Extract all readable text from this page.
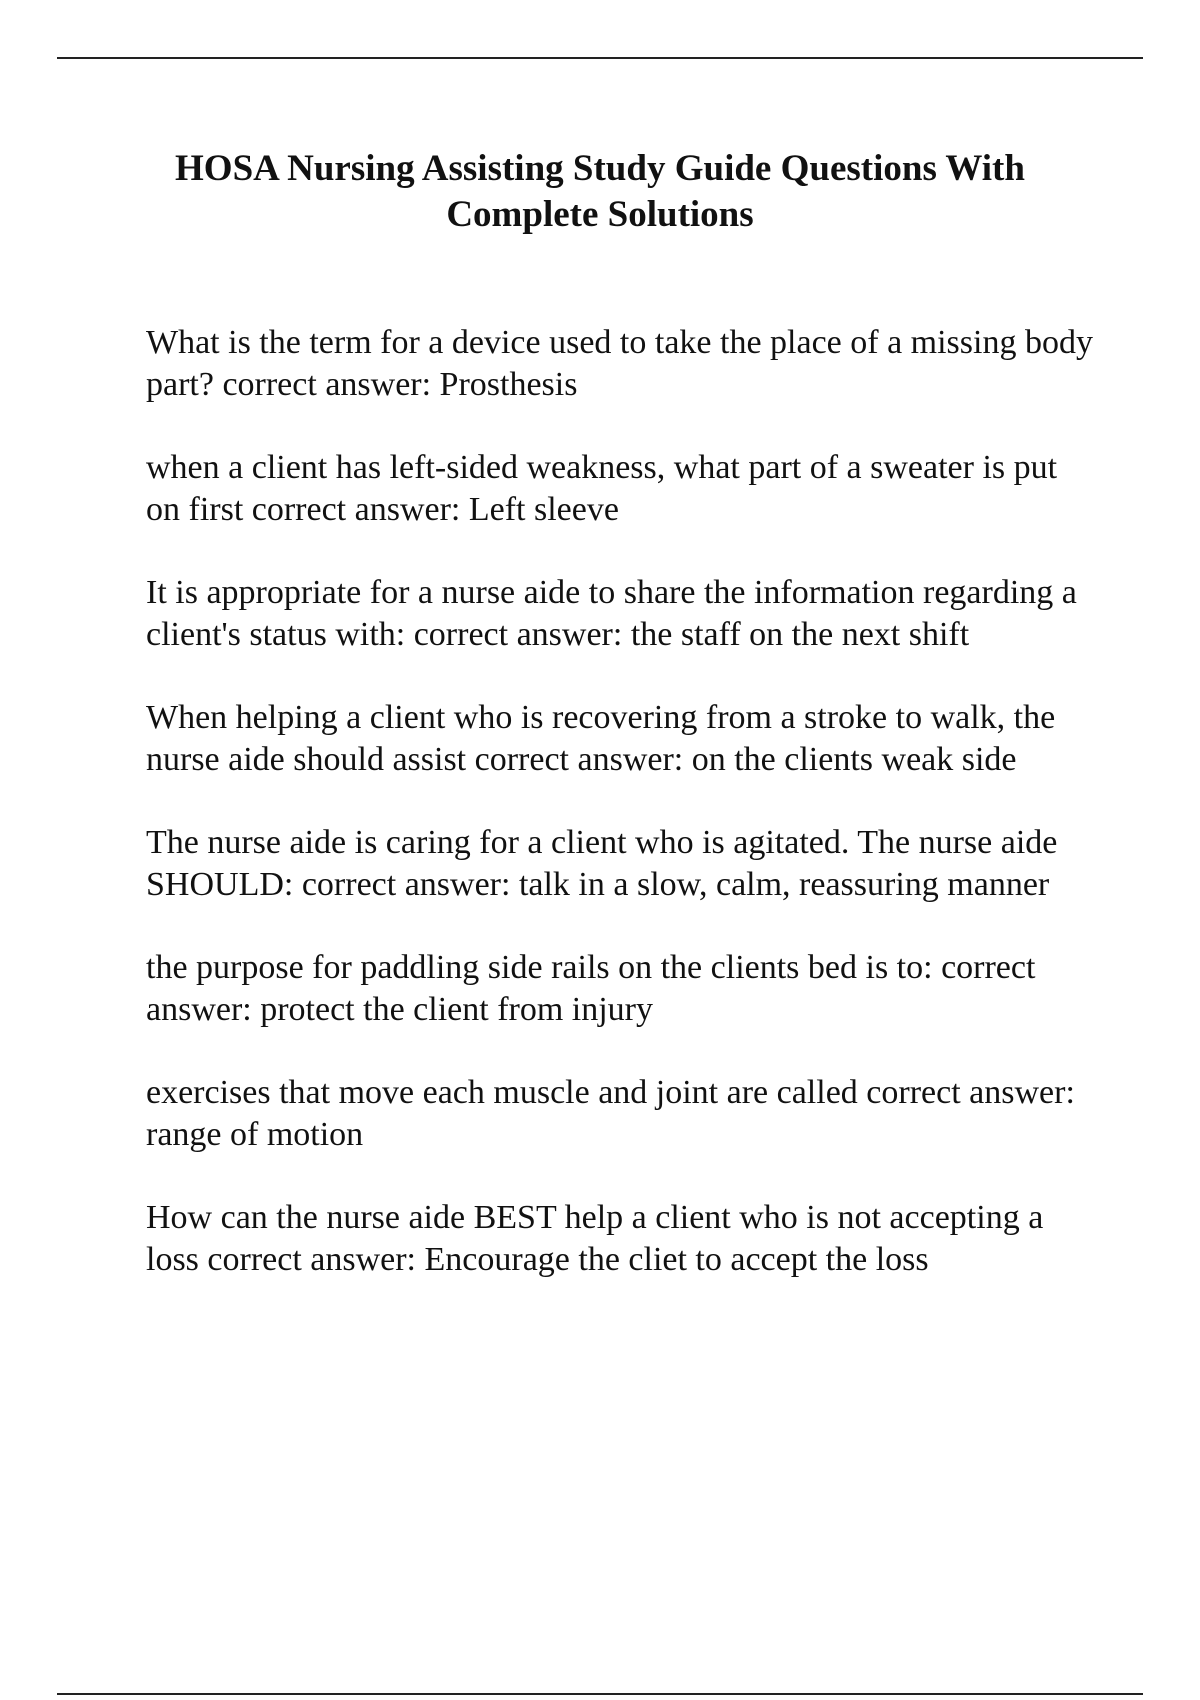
HOSA Nursing Assisting Study Guide Questions With
Complete Solutions
What is the term for a device used to take the place of a missing body part? correct answer: Prosthesis
when a client has left-sided weakness, what part of a sweater is put on first correct answer: Left sleeve
It is appropriate for a nurse aide to share the information regarding a client's status with: correct answer: the staff on the next shift
When helping a client who is recovering from a stroke to walk, the nurse aide should assist correct answer: on the clients weak side
The nurse aide is caring for a client who is agitated. The nurse aide SHOULD: correct answer: talk in a slow, calm, reassuring manner
the purpose for paddling side rails on the clients bed is to: correct answer: protect the client from injury
exercises that move each muscle and joint are called correct answer: range of motion
How can the nurse aide BEST help a client who is not accepting a loss correct answer: Encourage the cliet to accept the loss
